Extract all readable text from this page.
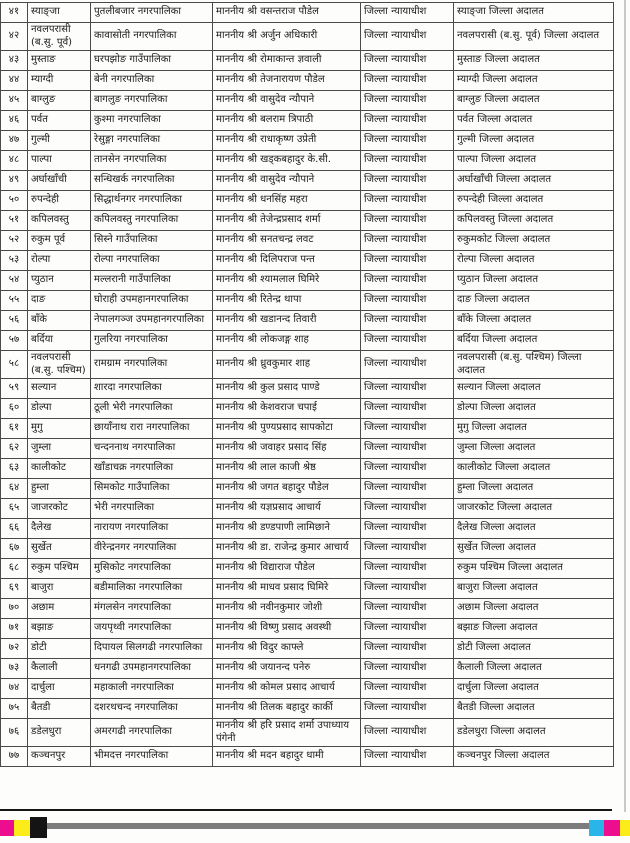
४१	स्याङ्जा	पुतलीबजार नगरपालिका	माननीय श्री वसन्तराज पौडेल	जिल्ला न्यायाधीश	स्याङ्जा जिल्ला अदालत
४२	नवलपरासी (ब.सु. पूर्व)	कावासोती नगरपालिका	माननीय श्री अर्जुन अधिकारी	जिल्ला न्यायाधीश	नवलपरासी (ब.सु. पूर्व) जिल्ला अदालत
४३	मुस्ताङ	घरपझोङ गाउँपालिका	माननीय श्री रोमाकान्त ज्ञवाली	जिल्ला न्यायाधीश	मुस्ताङ जिल्ला अदालत
४४	म्याग्दी	बेनी नगरपालिका	माननीय श्री तेजनारायण पौडेल	जिल्ला न्यायाधीश	म्याग्दी जिल्ला अदालत
४५	बाग्लुङ	बागलुङ नगरपालिका	माननीय श्री वासुदेव न्यौपाने	जिल्ला न्यायाधीश	बाग्लुङ जिल्ला अदालत
४६	पर्वत	कुश्मा नगरपालिका	माननीय श्री बलराम त्रिपाठी	जिल्ला न्यायाधीश	पर्वत जिल्ला अदालत
४७	गुल्मी	रेसुङ्गा नगरपालिका	माननीय श्री राधाकृष्ण उप्रेती	जिल्ला न्यायाधीश	गुल्मी जिल्ला अदालत
४८	पाल्पा	तानसेन नगरपालिका	माननीय श्री खड्कबहादुर के.सी.	जिल्ला न्यायाधीश	पाल्पा जिल्ला अदालत
४९	अर्घाखाँची	सन्धिखर्क नगरपालिका	माननीय श्री वासुदेव न्यौपाने	जिल्ला न्यायाधीश	अर्घाखाँची जिल्ला अदालत
५०	रुपन्देही	सिद्धार्थनगर नगरपालिका	माननीय श्री धनसिंह महरा	जिल्ला न्यायाधीश	रुपन्देही जिल्ला अदालत
५१	कपिलवस्तु	कपिलवस्तु नगरपालिका	माननीय श्री तेजेन्द्रप्रसाद शर्मा	जिल्ला न्यायाधीश	कपिलवस्तु जिल्ला अदालत
५२	रुकुम पूर्व	सिस्ने गाउँपालिका	माननीय श्री सनतचन्द्र लवट	जिल्ला न्यायाधीश	रुकुमकोट जिल्ला अदालत
५३	रोल्पा	रोल्पा नगरपालिका	माननीय श्री दिलिपराज पन्त	जिल्ला न्यायाधीश	रोल्पा जिल्ला अदालत
५४	प्युठान	मल्लरानी गाउँपालिका	माननीय श्री श्यामलाल घिमिरे	जिल्ला न्यायाधीश	प्युठान जिल्ला अदालत
५५	दाङ	घोराही उपमहानगरपालिका	माननीय श्री रितेन्द्र थापा	जिल्ला न्यायाधीश	दाङ जिल्ला अदालत
५६	बाँके	नेपालगञ्ज उपमहानगरपालिका	माननीय श्री खडानन्द तिवारी	जिल्ला न्यायाधीश	बाँके जिल्ला अदालत
५७	बर्दिया	गुलरिया नगरपालिका	माननीय श्री लोकजङ्ग शाह	जिल्ला न्यायाधीश	बर्दिया जिल्ला अदालत
५८	नवलपरासी (ब.सु. पश्चिम)	रामग्राम नगरपालिका	माननीय श्री ध्रुवकुमार शाह	जिल्ला न्यायाधीश	नवलपरासी (ब.सु. पश्चिम) जिल्ला अदालत
५९	सल्यान	शारदा नगरपालिका	माननीय श्री कुल प्रसाद पाण्डे	जिल्ला न्यायाधीश	सल्यान जिल्ला अदालत
६०	डोल्पा	ठूली भेरी नगरपालिका	माननीय श्री केशवराज चपाई	जिल्ला न्यायाधीश	डोल्पा जिल्ला अदालत
६१	मुगु	छायाँनाथ रारा नगरपालिका	माननीय श्री पुण्यप्रसाद सापकोटा	जिल्ला न्यायाधीश	मुगु जिल्ला अदालत
६२	जुम्ला	चन्दननाथ नगरपालिका	माननीय श्री जवाहर प्रसाद सिंह	जिल्ला न्यायाधीश	जुम्ला जिल्ला अदालत
६३	कालीकोट	खाँडाचक्र नगरपालिका	माननीय श्री लाल काजी श्रेष्ठ	जिल्ला न्यायाधीश	कालीकोट जिल्ला अदालत
६४	हुम्ला	सिमकोट गाउँपालिका	माननीय श्री जगत बहादुर पौडेल	जिल्ला न्यायाधीश	हुम्ला जिल्ला अदालत
६५	जाजरकोट	भेरी नगरपालिका	माननीय श्री यज्ञप्रसाद आचार्य	जिल्ला न्यायाधीश	जाजरकोट जिल्ला अदालत
६६	दैलेख	नारायण नगरपालिका	माननीय श्री डण्डपाणी लामिछाने	जिल्ला न्यायाधीश	दैलेख जिल्ला अदालत
६७	सुर्खेत	वीरेन्द्रनगर नगरपालिका	माननीय श्री डा. राजेन्द्र कुमार आचार्य	जिल्ला न्यायाधीश	सुर्खेत जिल्ला अदालत
६८	रुकुम पश्चिम	मुसिकोट नगरपालिका	माननीय श्री विद्याराज पौडेल	जिल्ला न्यायाधीश	रुकुम पश्चिम जिल्ला अदालत
६९	बाजुरा	बडीमालिका नगरपालिका	माननीय श्री माधव प्रसाद घिमिरे	जिल्ला न्यायाधीश	बाजुरा जिल्ला अदालत
७०	अछाम	मंगलसेन नगरपालिका	माननीय श्री नवीनकुमार जोशी	जिल्ला न्यायाधीश	अछाम जिल्ला अदालत
७१	बझाङ	जयपृथ्वी नगरपालिका	माननीय श्री विष्णु प्रसाद अवस्थी	जिल्ला न्यायाधीश	बझाङ जिल्ला अदालत
७२	डोटी	दिपायल सिलगढी नगरपालिका	माननीय श्री विदुर काफ्ले	जिल्ला न्यायाधीश	डोटी जिल्ला अदालत
७३	कैलाली	धनगढी उपमहानगरपालिका	माननीय श्री जयानन्द पनेरु	जिल्ला न्यायाधीश	कैलाली जिल्ला अदालत
७४	दार्चुला	महाकाली नगरपालिका	माननीय श्री कोमल प्रसाद आचार्य	जिल्ला न्यायाधीश	दार्चुला जिल्ला अदालत
७५	बैतडी	दशरथचन्द नगरपालिका	माननीय श्री तिलक बहादुर कार्की	जिल्ला न्यायाधीश	बैतडी जिल्ला अदालत
७६	डडेलधुरा	अमरगढी नगरपालिका	माननीय श्री हरि प्रसाद शर्मा उपाध्याय पंगेनी	जिल्ला न्यायाधीश	डडेलधुरा जिल्ला अदालत
७७	कञ्चनपुर	भीमदत्त नगरपालिका	माननीय श्री मदन बहादुर धामी	जिल्ला न्यायाधीश	कञ्चनपुर जिल्ला अदालत
